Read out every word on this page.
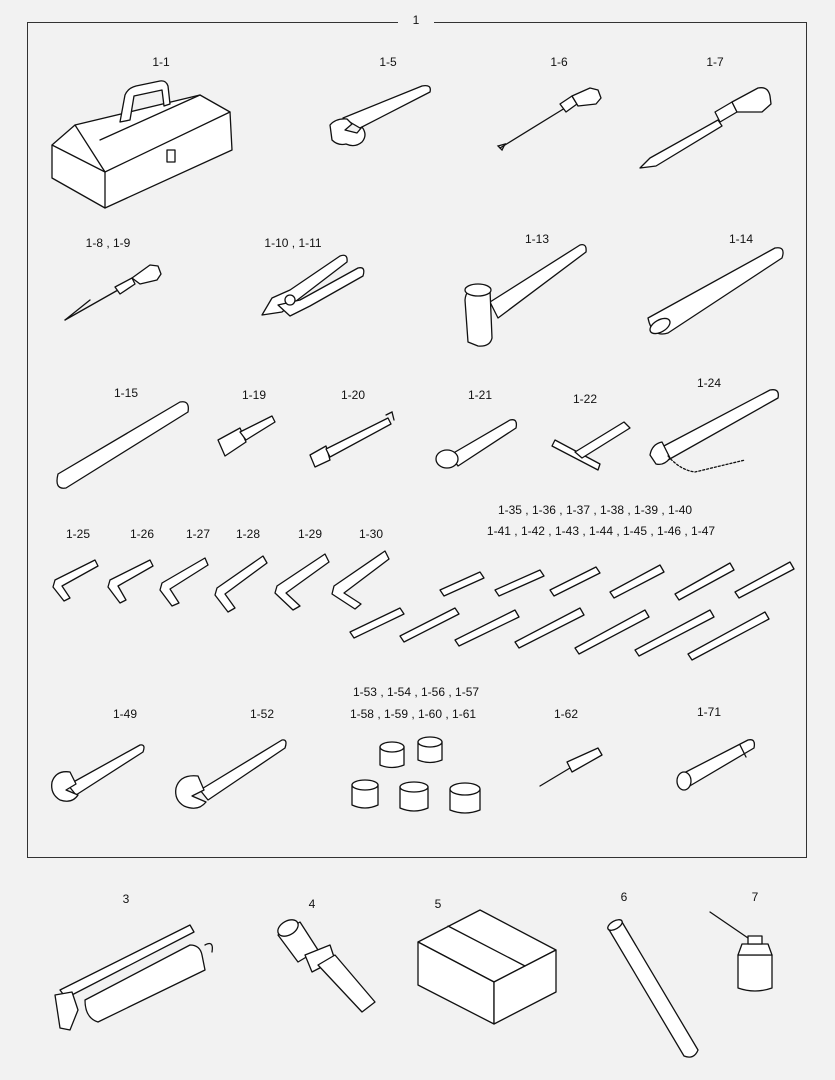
1
1-1	1-5	1-6	1-7
1-8 , 1-9	1-10 , 1-11	1-13	1-14
1-15	1-19	1-20	1-21	1-22
1-24
1-25	1-26	1-27 1-28	1-29	1-30
1-35 , 1-36 , 1-37 , 1-38 , 1-39 , 1-40
1-41 , 1-42 , 1-43 , 1-44 , 1-45 , 1-46 , 1-47
1-49	1-52
1-53 , 1-54 , 1-56 , 1-57
1-58 , 1-59 , 1-60 , 1-61	1-62	1-71
3	4	5	6	7
